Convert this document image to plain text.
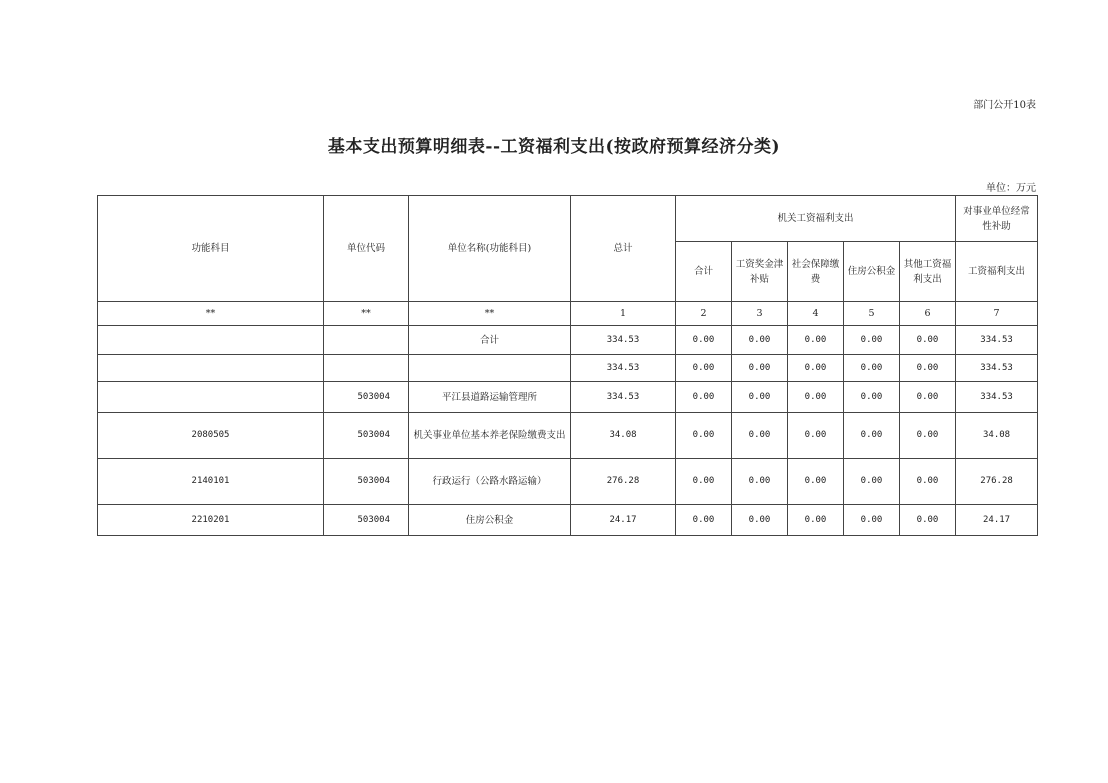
部门公开10表
基本支出预算明细表--工资福利支出(按政府预算经济分类)
单位：万元
功能科目	单位代码	单位名称(功能科目)	总计	机关工资福利支出					对事业单位经常性补助
				合计	工资奖金津补贴	社会保障缴费	住房公积金	其他工资福利支出	工资福利支出
**	**	**	1	2	3	4	5	6	7
		合计	334.53	0.00	0.00	0.00	0.00	0.00	334.53
			334.53	0.00	0.00	0.00	0.00	0.00	334.53
	503004	平江县道路运输管理所	334.53	0.00	0.00	0.00	0.00	0.00	334.53
2080505	503004	机关事业单位基本养老保险缴费支出	34.08	0.00	0.00	0.00	0.00	0.00	34.08
2140101	503004	行政运行（公路水路运输）	276.28	0.00	0.00	0.00	0.00	0.00	276.28
2210201	503004	住房公积金	24.17	0.00	0.00	0.00	0.00	0.00	24.17
